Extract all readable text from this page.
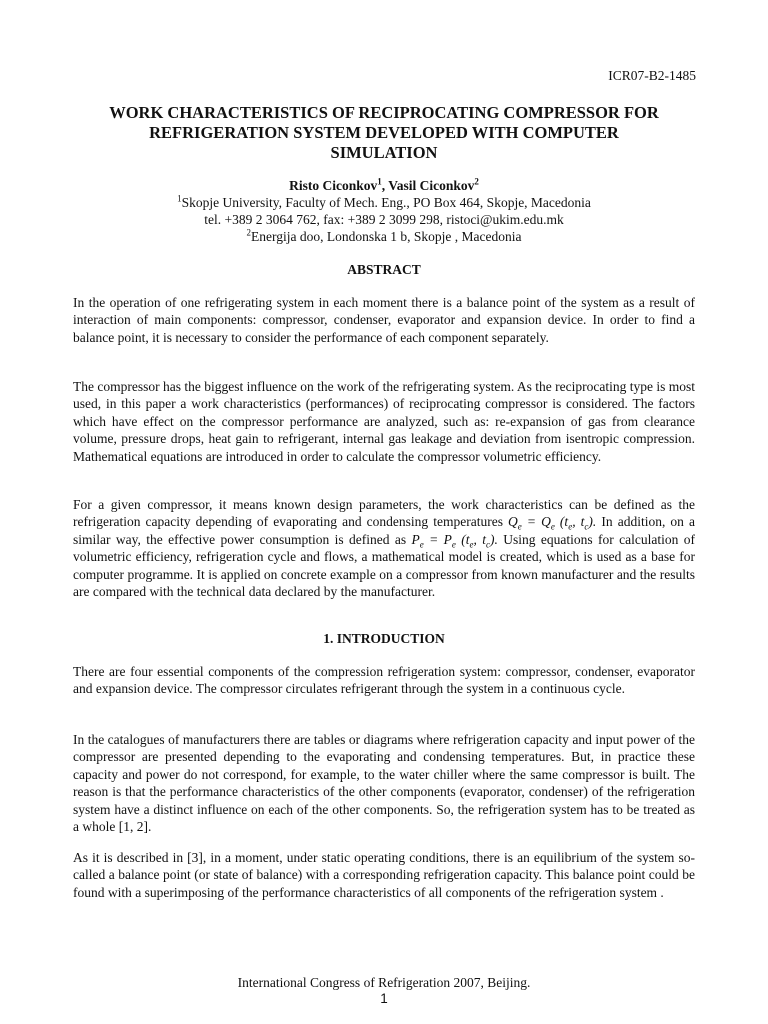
ICR07-B2-1485
WORK CHARACTERISTICS OF RECIPROCATING COMPRESSOR FOR
REFRIGERATION SYSTEM DEVELOPED WITH COMPUTER
SIMULATION
Risto Ciconkov$^1$, Vasil Ciconkov$^2$
$^1$Skopje University, Faculty of Mech. Eng., PO Box 464, Skopje, Macedonia
tel. +389 2 3064 762, fax: +389 2 3099 298, ristoci@ukim.edu.mk
$^2$Energija doo, Londonska 1 b, Skopje , Macedonia
ABSTRACT

In the operation of one refrigerating system in each moment there is a balance point of the system as a result of interaction of main components: compressor, condenser, evaporator and expansion device. In order to find a balance point, it is necessary to consider the performance of each component separately.

The compressor has the biggest influence on the work of the refrigerating system. As the reciprocating type is most used, in this paper a work characteristics (performances) of reciprocating compressor is considered. The factors which have effect on the compressor performance are analyzed, such as: re-expansion of gas from clearance volume, pressure drops, heat gain to refrigerant, internal gas leakage and deviation from isentropic compression. Mathematical equations are introduced in order to calculate the compressor volumetric efficiency.

For a given compressor, it means known design parameters, the work characteristics can be defined as the refrigeration capacity depending of evaporating and condensing temperatures $Q_e = Q_e$ ($t_e$, $t_c$). In addition, on a similar way, the effective power consumption is defined as $P_e = P_e$ ($t_e$, $t_c$). Using equations for calculation of volumetric efficiency, refrigeration cycle and flows, a mathematical model is created, which is used as a base for computer programme. It is applied on concrete example on a compressor from known manufacturer and the results are compared with the technical data declared by the manufacturer.

1. INTRODUCTION

There are four essential components of the compression refrigeration system: compressor, condenser, evaporator and expansion device. The compressor circulates refrigerant through the system in a continuous cycle.

In the catalogues of manufacturers there are tables or diagrams where refrigeration capacity and input power of the compressor are presented depending to the evaporating and condensing temperatures. But, in practice these capacity and power do not correspond, for example, to the water chiller where the same compressor is built. The reason is that the performance characteristics of the other components (evaporator, condenser) of the refrigeration system have a distinct influence on each of the other components. So, the refrigeration system has to be treated as a whole [1, 2].

As it is described in [3], in a moment, under static operating conditions, there is an equilibrium of the system so-called a balance point (or state of balance) with a corresponding refrigeration capacity. This balance point could be found with a superimposing of the performance characteristics of all components of the refrigeration system .

International Congress of Refrigeration 2007, Beijing.
1
